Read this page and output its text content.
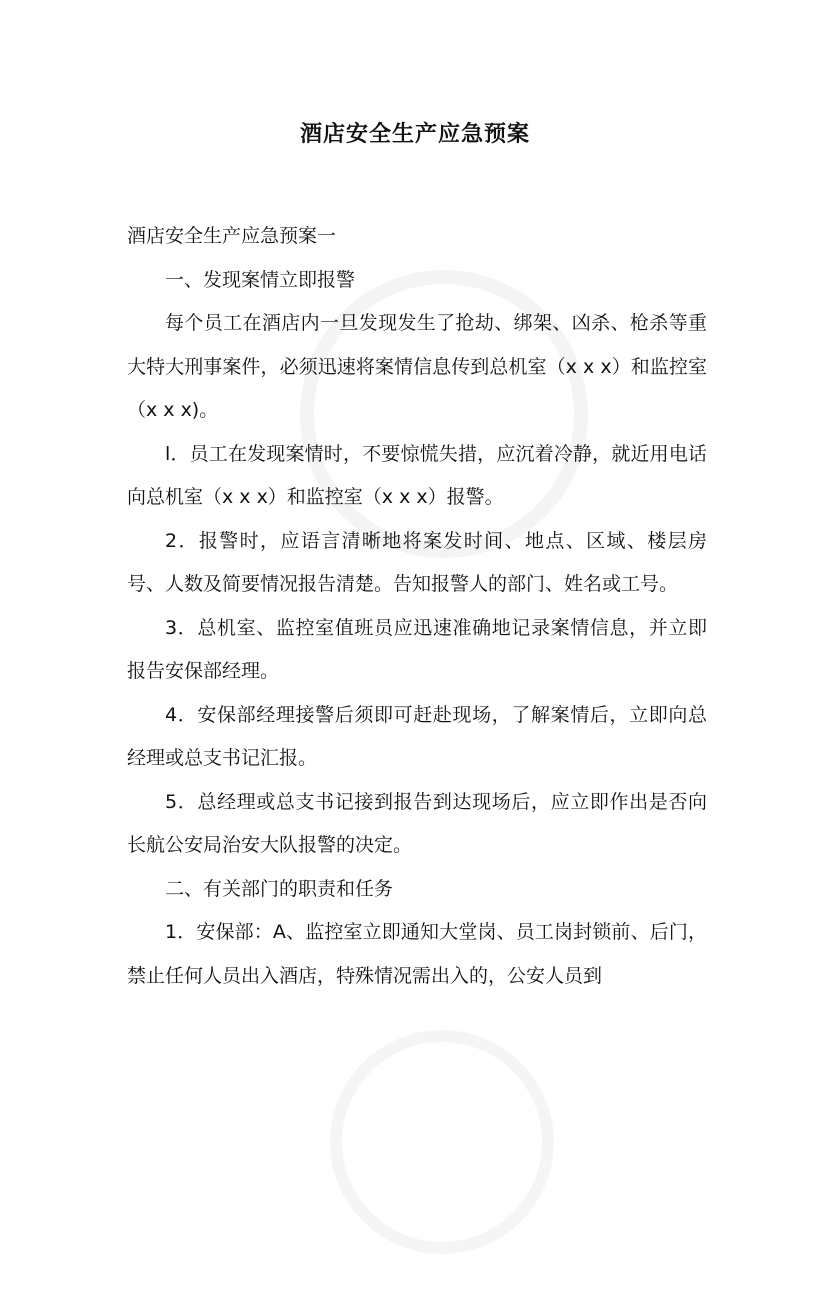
酒店安全生产应急预案

酒店安全生产应急预案一

一、发现案情立即报警

每个员工在酒店内一旦发现发生了抢劫、绑架、凶杀、枪杀等重大特大刑事案件，必须迅速将案情信息传到总机室（x x x）和监控室（x x x)。

l．员工在发现案情时，不要惊慌失措，应沉着冷静，就近用电话向总机室（x x x）和监控室（x x x）报警。

2．报警时，应语言清晰地将案发时间、地点、区域、楼层房号、人数及简要情况报告清楚。告知报警人的部门、姓名或工号。

3．总机室、监控室值班员应迅速准确地记录案情信息，并立即报告安保部经理。

4．安保部经理接警后须即可赶赴现场，了解案情后，立即向总经理或总支书记汇报。

5．总经理或总支书记接到报告到达现场后，应立即作出是否向长航公安局治安大队报警的决定。

二、有关部门的职责和任务

1．安保部：A、监控室立即通知大堂岗、员工岗封锁前、后门，禁止任何人员出入酒店，特殊情况需出入的，公安人员到
